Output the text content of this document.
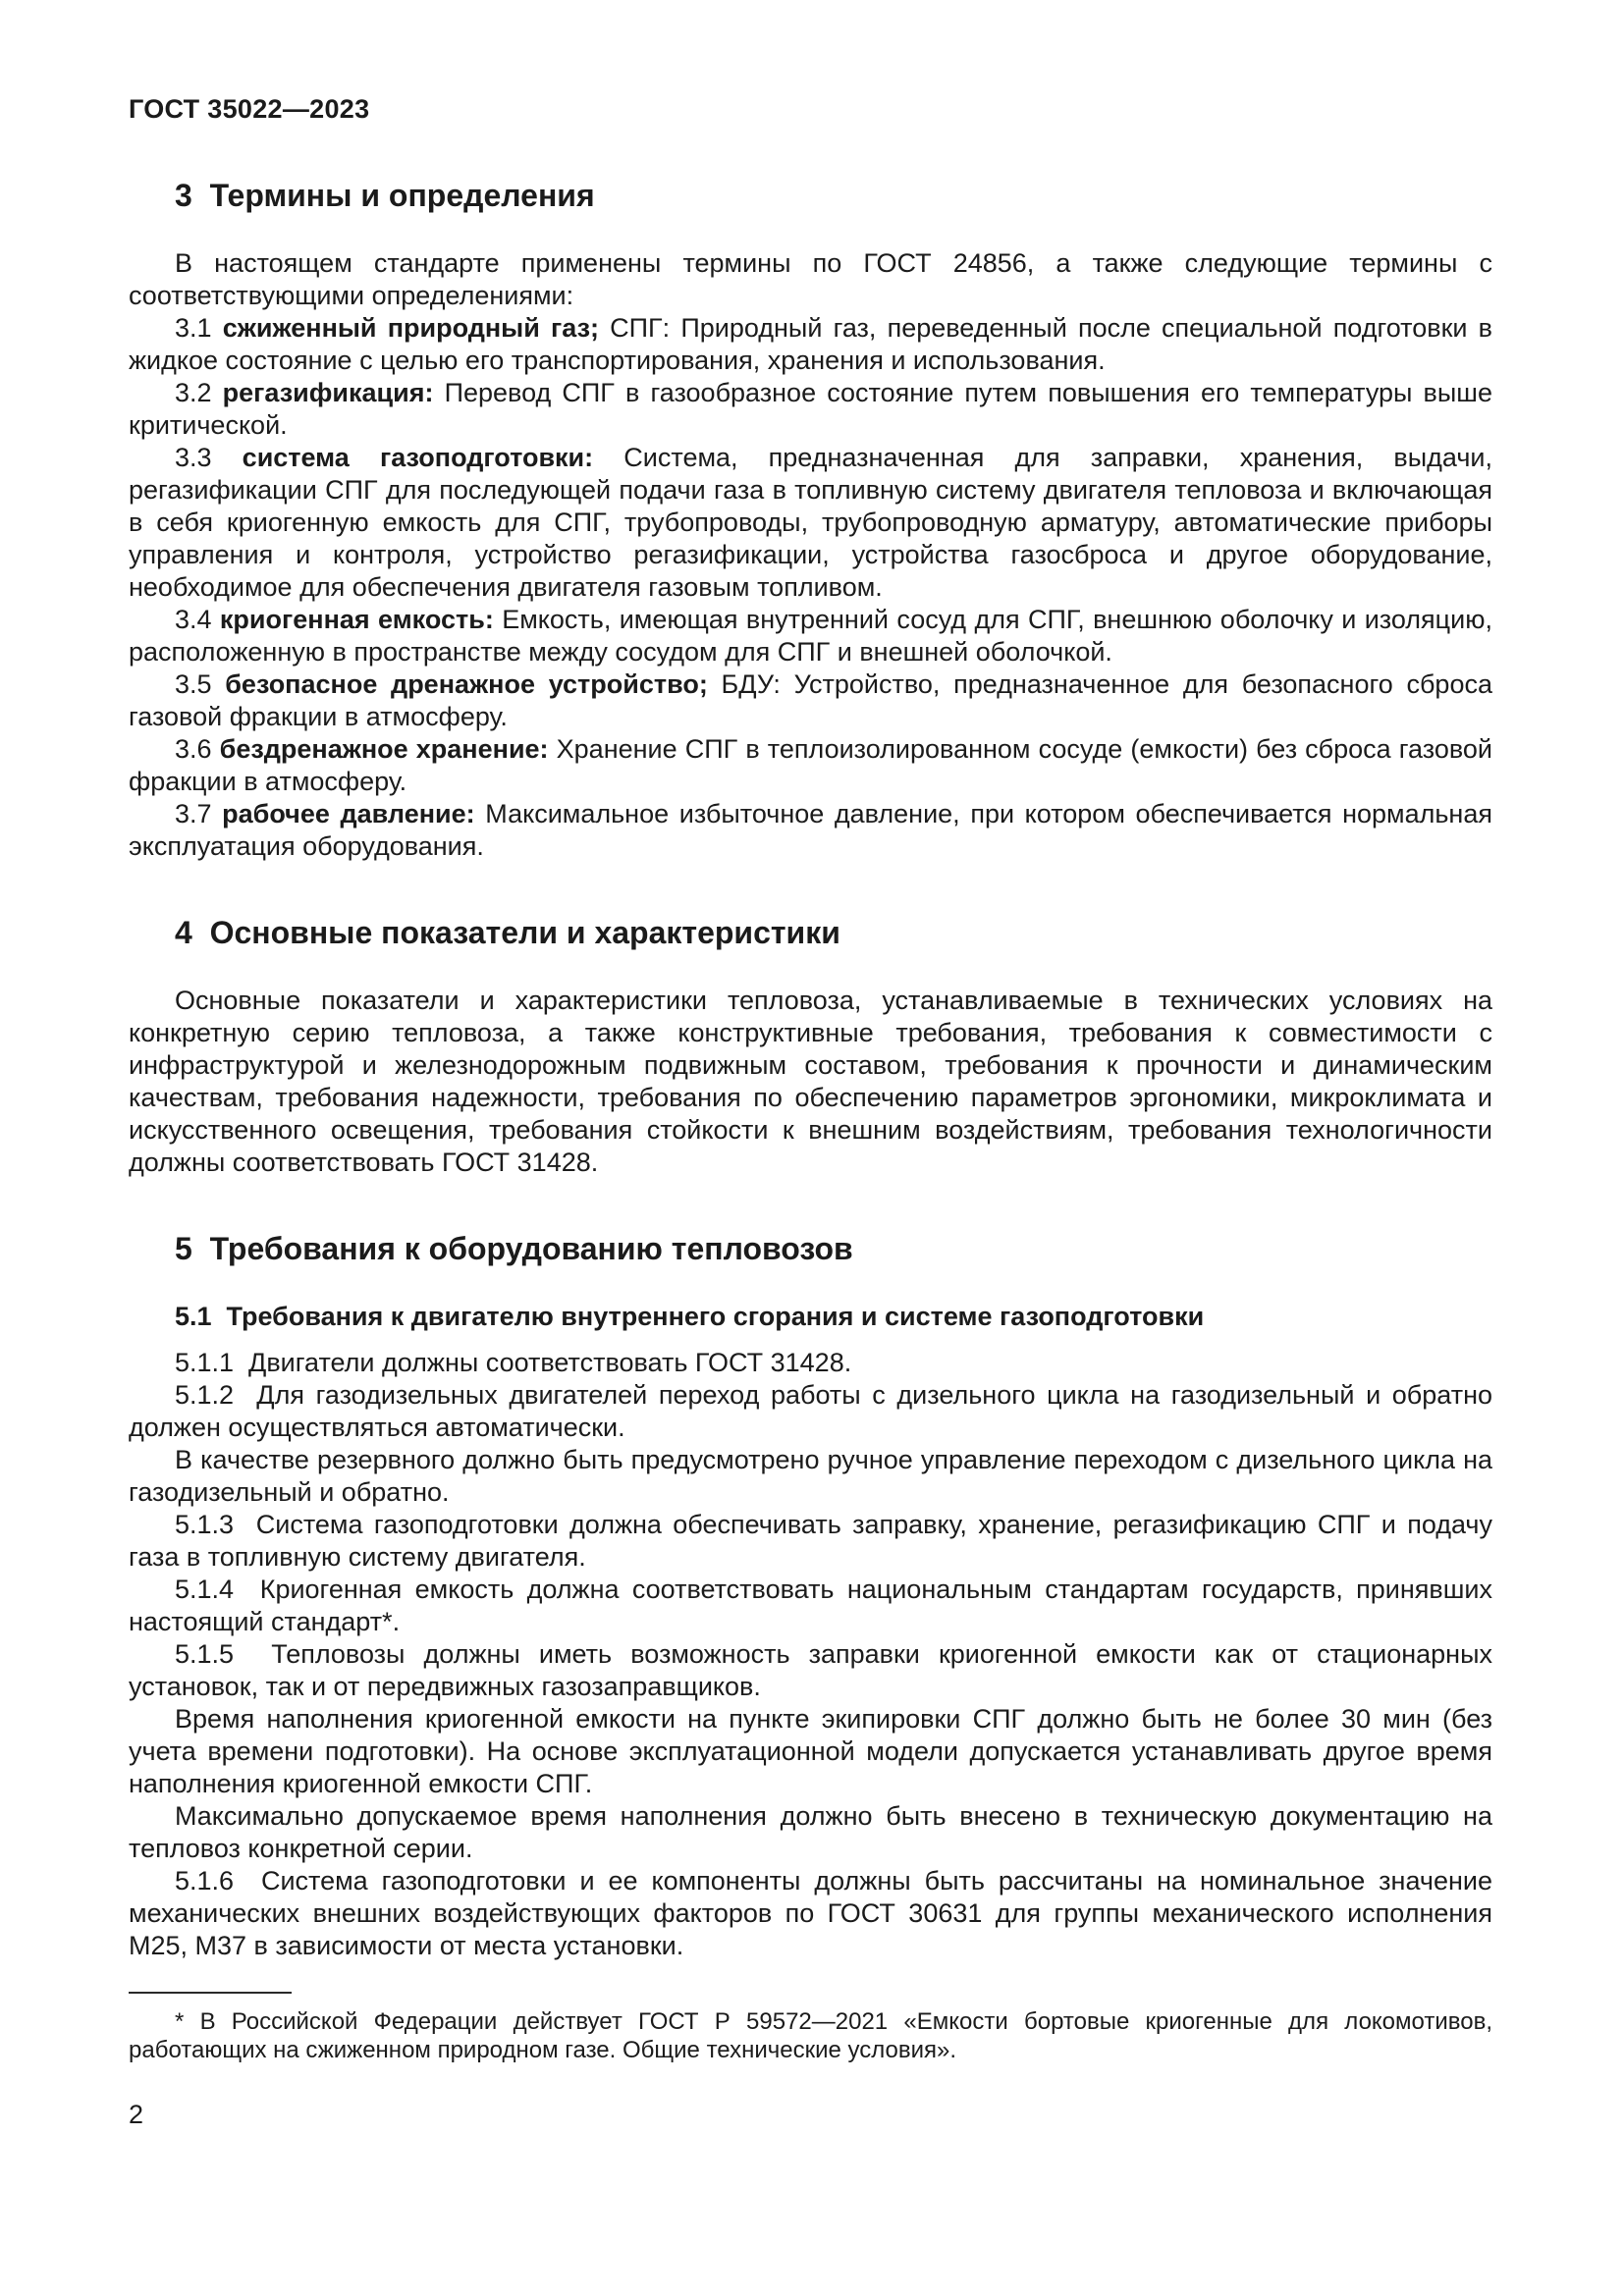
ГОСТ 35022—2023
3  Термины и определения

В настоящем стандарте применены термины по ГОСТ 24856, а также следующие термины с соответствующими определениями:

3.1 сжиженный природный газ; СПГ: Природный газ, переведенный после специальной подготовки в жидкое состояние с целью его транспортирования, хранения и использования.

3.2 регазификация: Перевод СПГ в газообразное состояние путем повышения его температуры выше критической.

3.3 система газоподготовки: Система, предназначенная для заправки, хранения, выдачи, регазификации СПГ для последующей подачи газа в топливную систему двигателя тепловоза и включающая в себя криогенную емкость для СПГ, трубопроводы, трубопроводную арматуру, автоматические приборы управления и контроля, устройство регазификации, устройства газосброса и другое оборудование, необходимое для обеспечения двигателя газовым топливом.

3.4 криогенная емкость: Емкость, имеющая внутренний сосуд для СПГ, внешнюю оболочку и изоляцию, расположенную в пространстве между сосудом для СПГ и внешней оболочкой.

3.5 безопасное дренажное устройство; БДУ: Устройство, предназначенное для безопасного сброса газовой фракции в атмосферу.

3.6 бездренажное хранение: Хранение СПГ в теплоизолированном сосуде (емкости) без сброса газовой фракции в атмосферу.

3.7 рабочее давление: Максимальное избыточное давление, при котором обеспечивается нормальная эксплуатация оборудования.

4  Основные показатели и характеристики

Основные показатели и характеристики тепловоза, устанавливаемые в технических условиях на конкретную серию тепловоза, а также конструктивные требования, требования к совместимости с инфраструктурой и железнодорожным подвижным составом, требования к прочности и динамическим качествам, требования надежности, требования по обеспечению параметров эргономики, микроклимата и искусственного освещения, требования стойкости к внешним воздействиям, требования технологичности должны соответствовать ГОСТ 31428.

5  Требования к оборудованию тепловозов

5.1  Требования к двигателю внутреннего сгорания и системе газоподготовки

5.1.1  Двигатели должны соответствовать ГОСТ 31428.

5.1.2  Для газодизельных двигателей переход работы с дизельного цикла на газодизельный и обратно должен осуществляться автоматически.

В качестве резервного должно быть предусмотрено ручное управление переходом с дизельного цикла на газодизельный и обратно.

5.1.3  Система газоподготовки должна обеспечивать заправку, хранение, регазификацию СПГ и подачу газа в топливную систему двигателя.

5.1.4  Криогенная емкость должна соответствовать национальным стандартам государств, принявших настоящий стандарт*.

5.1.5  Тепловозы должны иметь возможность заправки криогенной емкости как от стационарных установок, так и от передвижных газозаправщиков.

Время наполнения криогенной емкости на пункте экипировки СПГ должно быть не более 30 мин (без учета времени подготовки). На основе эксплуатационной модели допускается устанавливать другое время наполнения криогенной емкости СПГ.

Максимально допускаемое время наполнения должно быть внесено в техническую документацию на тепловоз конкретной серии.

5.1.6  Система газоподготовки и ее компоненты должны быть рассчитаны на номинальное значение механических внешних воздействующих факторов по ГОСТ 30631 для группы механического исполнения М25, М37 в зависимости от места установки.

* В Российской Федерации действует ГОСТ Р 59572—2021 «Емкости бортовые криогенные для локомотивов, работающих на сжиженном природном газе. Общие технические условия».

2
